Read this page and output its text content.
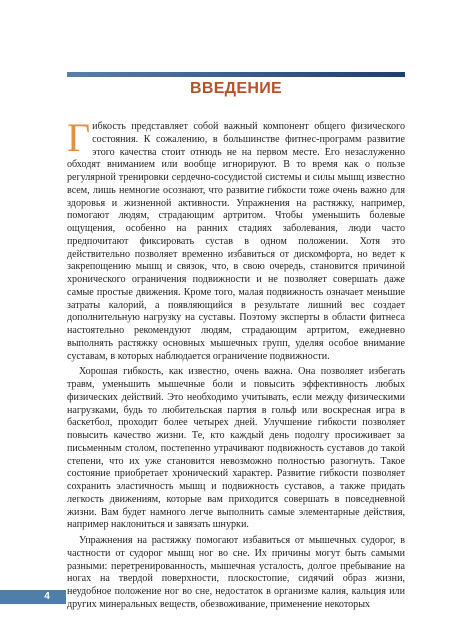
ВВЕДЕНИЕ

Гибкость представляет собой важный компонент общего физического состояния. К сожалению, в большинстве фитнес-программ развитие этого качества стоит отнюдь не на первом месте. Его незаслуженно обходят вниманием или вообще игнорируют. В то время как о пользе регулярной тренировки сердечно-сосудистой системы и силы мышц известно всем, лишь немногие осознают, что развитие гибкости тоже очень важно для здоровья и жизненной активности. Упражнения на растяжку, например, помогают людям, страдающим артритом. Чтобы уменьшить болевые ощущения, особенно на ранних стадиях заболевания, люди часто предпочитают фиксировать сустав в одном положении. Хотя это действительно позволяет временно избавиться от дискомфорта, но ведет к закрепощению мышц и связок, что, в свою очередь, становится причиной хронического ограничения подвижности и не позволяет совершать даже самые простые движения. Кроме того, малая подвижность означает меньшие затраты калорий, а появляющийся в результате лишний вес создает дополнительную нагрузку на суставы. Поэтому эксперты в области фитнеса настоятельно рекомендуют людям, страдающим артритом, ежедневно выполнять растяжку основных мышечных групп, уделяя особое внимание суставам, в которых наблюдается ограничение подвижности.

Хорошая гибкость, как известно, очень важна. Она позволяет избегать травм, уменьшить мышечные боли и повысить эффективность любых физических действий. Это необходимо учитывать, если между физическими нагрузками, будь то любительская партия в гольф или воскресная игра в баскетбол, проходит более четырех дней. Улучшение гибкости позволяет повысить качество жизни. Те, кто каждый день подолгу просиживает за письменным столом, постепенно утрачивают подвижность суставов до такой степени, что их уже становится невозможно полностью разогнуть. Такое состояние приобретает хронический характер. Развитие гибкости позволяет сохранить эластичность мышц и подвижность суставов, а также придать легкость движениям, которые вам приходится совершать в повседневной жизни. Вам будет намного легче выполнить самые элементарные действия, например наклониться и завязать шнурки.

Упражнения на растяжку помогают избавиться от мышечных судорог, в частности от судорог мышц ног во сне. Их причины могут быть самыми разными: перетренированность, мышечная усталость, долгое пребывание на ногах на твердой поверхности, плоскостопие, сидячий образ жизни, неудобное положение ног во сне, недостаток в организме калия, кальция или других минеральных веществ, обезвоживание, применение некоторых

4
